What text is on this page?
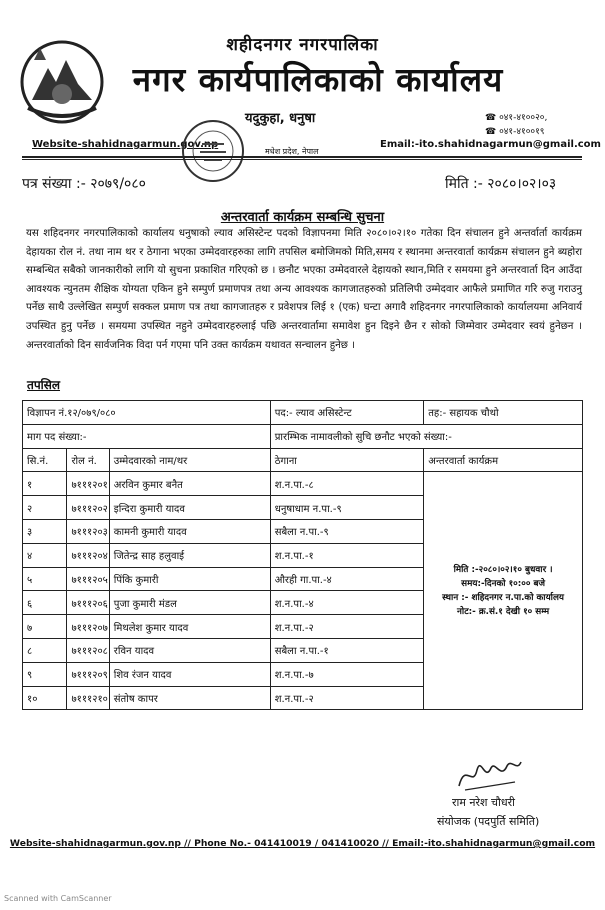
शहीदनगर नगरपालिका
नगर कार्यपालिकाको कार्यालय
यदुकुहा, धनुषा
मधेश प्रदेश, नेपाल
☎ ०४१-४१००२०,
☎ ०४१-४१००१९
Website-shahidnagarmun.gov.np	Email:-ito.shahidnagarmun@gmail.com
पत्र संख्या :- २०७९/०८०	मिति :- २०८०।०२।०३
अन्तरवार्ता कार्यक्रम सम्बन्धि सुचना
यस शहिदनगर नगरपालिकाको कार्यालय धनुषाको ल्याव असिस्टेन्ट पदको विज्ञापनमा मिति २०८०।०२।१० गतेका दिन संचालन हुने अन्तर्वार्ता कार्यक्रम देहायका रोल नं. तथा नाम थर र ठेगाना भएका उम्मेदवारहरुका लागि तपसिल बमोजिमको मिति,समय र स्थानमा अन्तरवार्ता कार्यक्रम संचालन हुने ब्यहोरा सम्बन्धित सबैको जानकारीको लागि यो सुचना प्रकाशित गरिएको छ । छनौट भएका उम्मेदवारले देहायको स्थान,मिति र समयमा हुने अन्तरवार्ता दिन आउँदा आवश्यक न्युनतम शैक्षिक योग्यता एकिन हुने सम्पुर्ण प्रमाणपत्र तथा अन्य आवश्यक कागजातहरुको प्रतिलिपी उम्मेदवार आफैले प्रमाणित गरि रुजु गराउनु पर्नेछ साथै उल्लेखित सम्पुर्ण सक्कल प्रमाण पत्र तथा कागजातहरु र प्रवेशपत्र लिई १ (एक) घन्टा अगावै शहिदनगर नगरपालिकाको कार्यालयमा अनिवार्य उपस्थित हुनु पर्नेछ । समयमा उपस्थित नहुने उम्मेदवारहरुलाई पछि अन्तरवार्तामा समावेश हुन दिइने छैन र सोको जिम्मेवार उम्मेदवार स्वयं हुनेछन । अन्तरवार्ताको दिन सार्वजनिक विदा पर्न गएमा पनि उक्त कार्यक्रम यथावत सन्चालन हुनेछ ।
तपसिल
विज्ञापन नं.१२/०७९/०८०			पद:- ल्याव असिस्टेन्ट	तह:- सहायक चौथो
माग पद संख्या:-			प्रारम्भिक नामावलीको सुचि छनौट भएको संख्या:-	
सि.नं.	रोल नं.	उम्मेदवारको नाम/थर	ठेगाना	अन्तरवार्ता कार्यक्रम
१	७१११२०१	अरविन कुमार बनैत	श.न.पा.-८	मिति :-२०८०।०२।१० बुधवार ।
समय:-दिनको १०:०० बजे
स्थान :- शहिदनगर न.पा.को कार्यालय
नोट:- क्र.सं.१ देखी १० सम्म

२	७१११२०२	इन्दिरा कुमारी यादव	धनुषाधाम न.पा.-९	
३	७१११२०३	कामनी कुमारी यादव	सबैला न.पा.-९	
४	७१११२०४	जितेन्द्र साह हलुवाई	श.न.पा.-१	
५	७१११२०५	पिंकि कुमारी	औरही गा.पा.-४	
६	७१११२०६	पुजा कुमारी मंडल	श.न.पा.-४	
७	७१११२०७	मिथलेश कुमार यादव	श.न.पा.-२	
८	७१११२०८	रविन यादव	सबैला न.पा.-१	
९	७१११२०९	शिव रंजन यादव	श.न.पा.-७	
१०	७१११२१०	संतोष कापर	श.न.पा.-२	
राम नरेश चौधरी
संयोजक (पदपुर्ति समिति)
Website-shahidnagarmun.gov.np // Phone No.- 041410019 / 041410020 // Email:-ito.shahidnagarmun@gmail.com
Scanned with CamScanner
